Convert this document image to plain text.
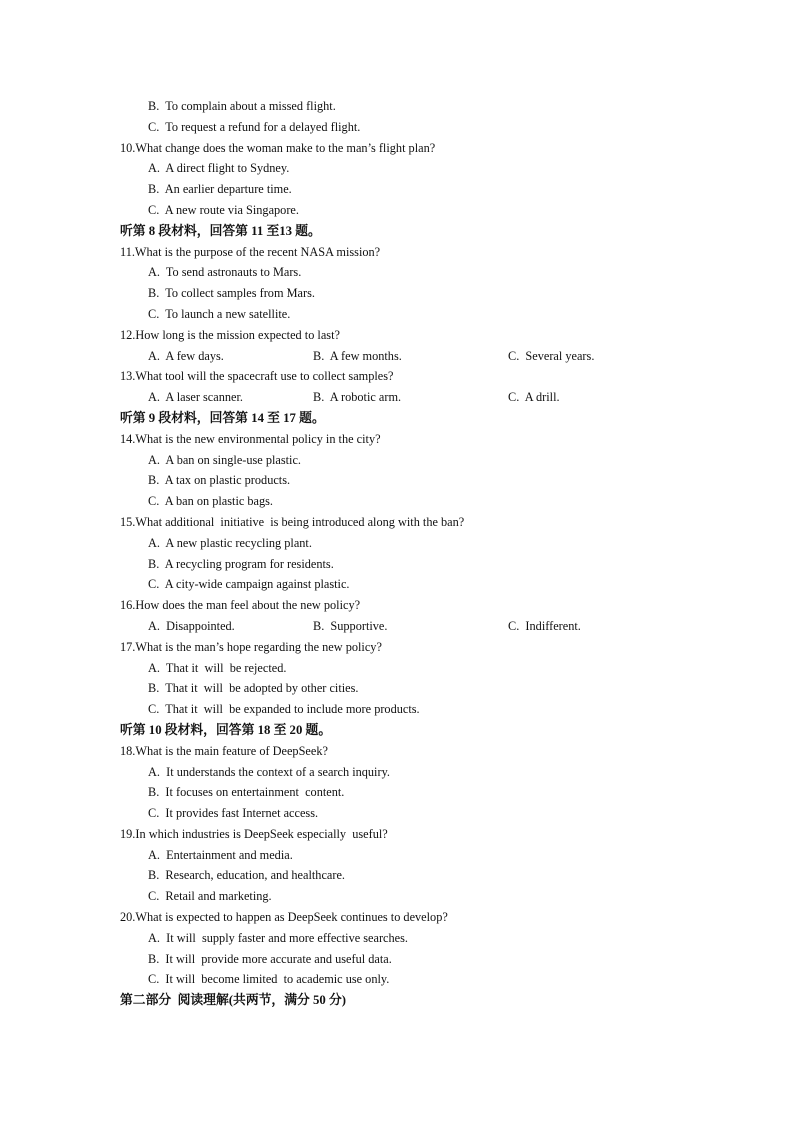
B.  To complain about a missed flight.
C.  To request a refund for a delayed flight.
10.What change does the woman make to the man’s flight plan?
A.  A direct flight to Sydney.
B.  An earlier departure time.
C.  A new route via Singapore.
听第 8 段材料，回答第 11 至13 题。
11.What is the purpose of the recent NASA mission?
A.  To send astronauts to Mars.
B.  To collect samples from Mars.
C.  To launch a new satellite.
12.How long is the mission expected to last?

A.  A few days.

	B.  A few months.

	C.  Several years.

13.What tool will the spacecraft use to collect samples?

A.  A laser scanner.

	B.  A robotic arm.

	C.  A drill.

听第 9 段材料，回答第 14 至 17 题。
14.What is the new environmental policy in the city?
A.  A ban on single-use plastic.
B.  A tax on plastic products.
C.  A ban on plastic bags.
15.What additional  initiative  is being introduced along with the ban?
A.  A new plastic recycling plant.
B.  A recycling program for residents.
C.  A city-wide campaign against plastic.
16.How does the man feel about the new policy?

A.  Disappointed.

	B.  Supportive.

	C.  Indifferent.

17.What is the man’s hope regarding the new policy?
A.  That it  will  be rejected.
B.  That it  will  be adopted by other cities.
C.  That it  will  be expanded to include more products.
听第 10 段材料，回答第 18 至 20 题。
18.What is the main feature of DeepSeek?
A.  It understands the context of a search inquiry.
B.  It focuses on entertainment  content.
C.  It provides fast Internet access.
19.In which industries is DeepSeek especially  useful?
A.  Entertainment and media.
B.  Research, education, and healthcare.
C.  Retail and marketing.
20.What is expected to happen as DeepSeek continues to develop?
A.  It will  supply faster and more effective searches.
B.  It will  provide more accurate and useful data.
C.  It will  become limited  to academic use only.
第二部分  阅读理解(共两节，满分 50 分)
